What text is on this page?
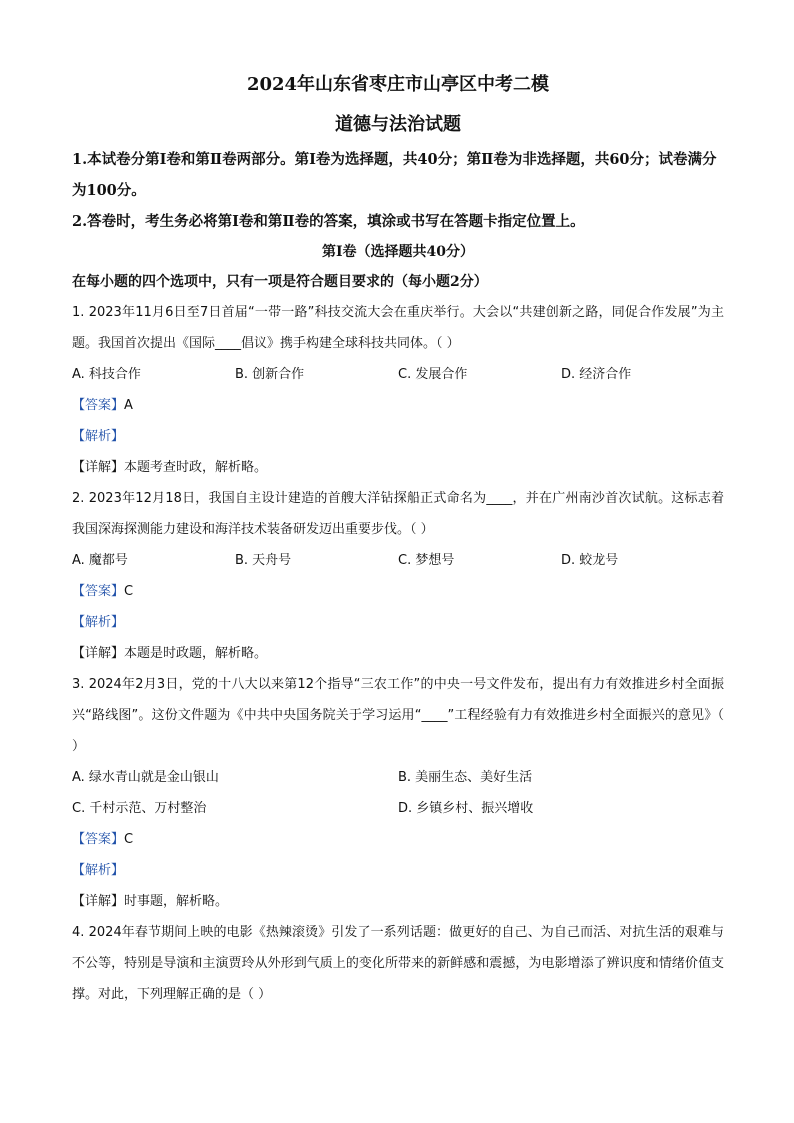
2024年山东省枣庄市山亭区中考二模

道德与法治试题

1.本试卷分第Ⅰ卷和第Ⅱ卷两部分。第Ⅰ卷为选择题，共40分；第Ⅱ卷为非选择题，共60分；试卷满分为100分。

2.答卷时，考生务必将第Ⅰ卷和第Ⅱ卷的答案，填涂或书写在答题卡指定位置上。

第Ⅰ卷（选择题共40分）

在每小题的四个选项中，只有一项是符合题目要求的（每小题2分）

1. 2023年11月6日至7日首届“一带一路”科技交流大会在重庆举行。大会以“共建创新之路，同促合作发展”为主题。我国首次提出《国际____倡议》携手构建全球科技共同体。（ ）

A. 科技合作	B. 创新合作	C. 发展合作	D. 经济合作

【答案】A

【解析】

【详解】本题考查时政，解析略。

2. 2023年12月18日，我国自主设计建造的首艘大洋钻探船正式命名为____，并在广州南沙首次试航。这标志着我国深海探测能力建设和海洋技术装备研发迈出重要步伐。（ ）

A. 魔都号	B. 天舟号	C. 梦想号	D. 蛟龙号

【答案】C

【解析】

【详解】本题是时政题，解析略。

3. 2024年2月3日，党的十八大以来第12个指导“三农工作”的中央一号文件发布，提出有力有效推进乡村全面振兴“路线图”。这份文件题为《中共中央国务院关于学习运用“____”工程经验有力有效推进乡村全面振兴的意见》（ ）

A. 绿水青山就是金山银山	B. 美丽生态、美好生活
C. 千村示范、万村整治	D. 乡镇乡村、振兴增收

【答案】C

【解析】

【详解】时事题，解析略。

4. 2024年春节期间上映的电影《热辣滚烫》引发了一系列话题：做更好的自己、为自己而活、对抗生活的艰难与不公等，特别是导演和主演贾玲从外形到气质上的变化所带来的新鲜感和震撼，为电影增添了辨识度和情绪价值支撑。对此，下列理解正确的是（ ）
